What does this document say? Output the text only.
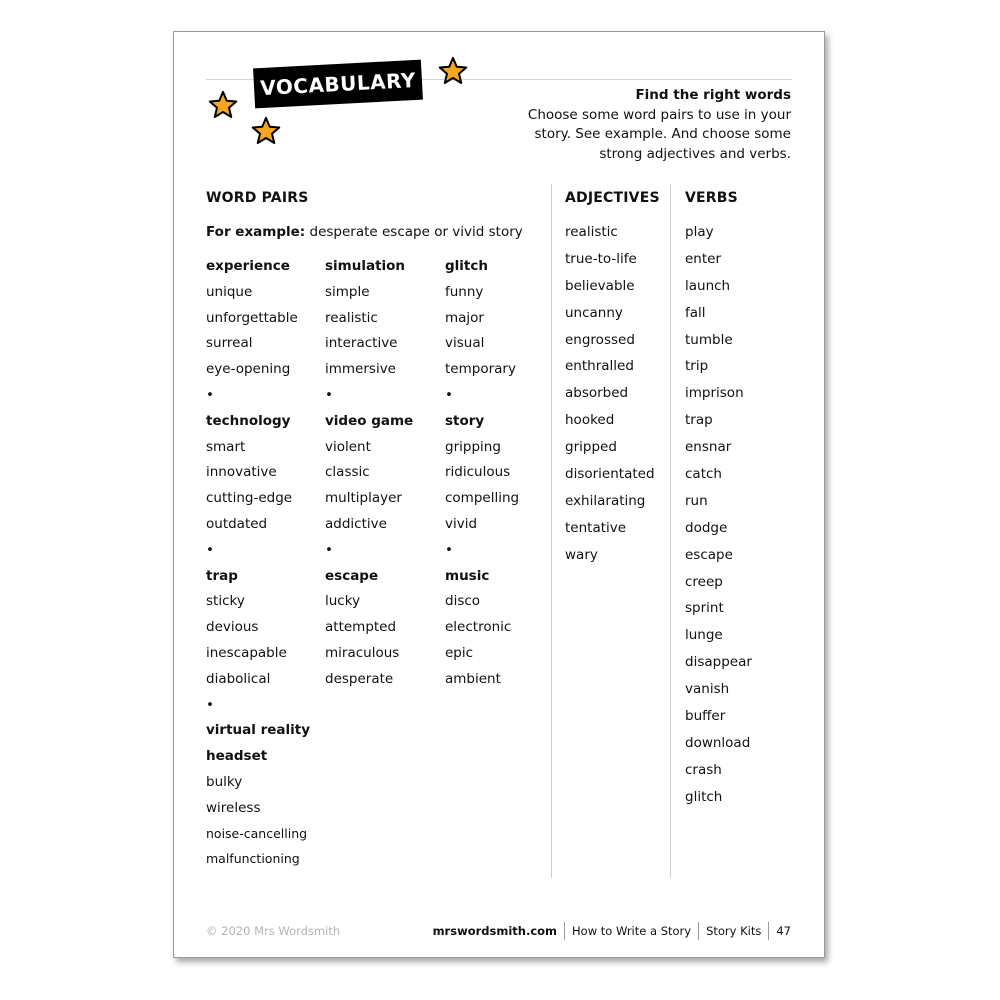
VOCABULARY	Find the right words
Choose some word pairs to use in your
story. See example. And choose some
strong adjectives and verbs.
WORD PAIRS
For example: desperate escape or vivid story
experience
unique
unforgettable
surreal
eye-opening
•
technology
smart
innovative
cutting-edge
outdated
•
trap
sticky
devious
inescapable
diabolical
•
virtual reality
headset
bulky
wireless
noise-cancelling
malfunctioning
simulation
simple
realistic
interactive
immersive
•
video game
violent
classic
multiplayer
addictive
•
escape
lucky
attempted
miraculous
desperate
glitch
funny
major
visual
temporary
•
story
gripping
ridiculous
compelling
vivid
•
music
disco
electronic
epic
ambient
ADJECTIVES
realistic
true-to-life
believable
uncanny
engrossed
enthralled
absorbed
hooked
gripped
disorientated
exhilarating
tentative
wary
VERBS
play
enter
launch
fall
tumble
trip
imprison
trap
ensnar
catch
run
dodge
escape
creep
sprint
lunge
disappear
vanish
buffer
download
crash
glitch
© 2020 Mrs Wordsmith	mrswordsmith.com How to Write a Story Story Kits 47
